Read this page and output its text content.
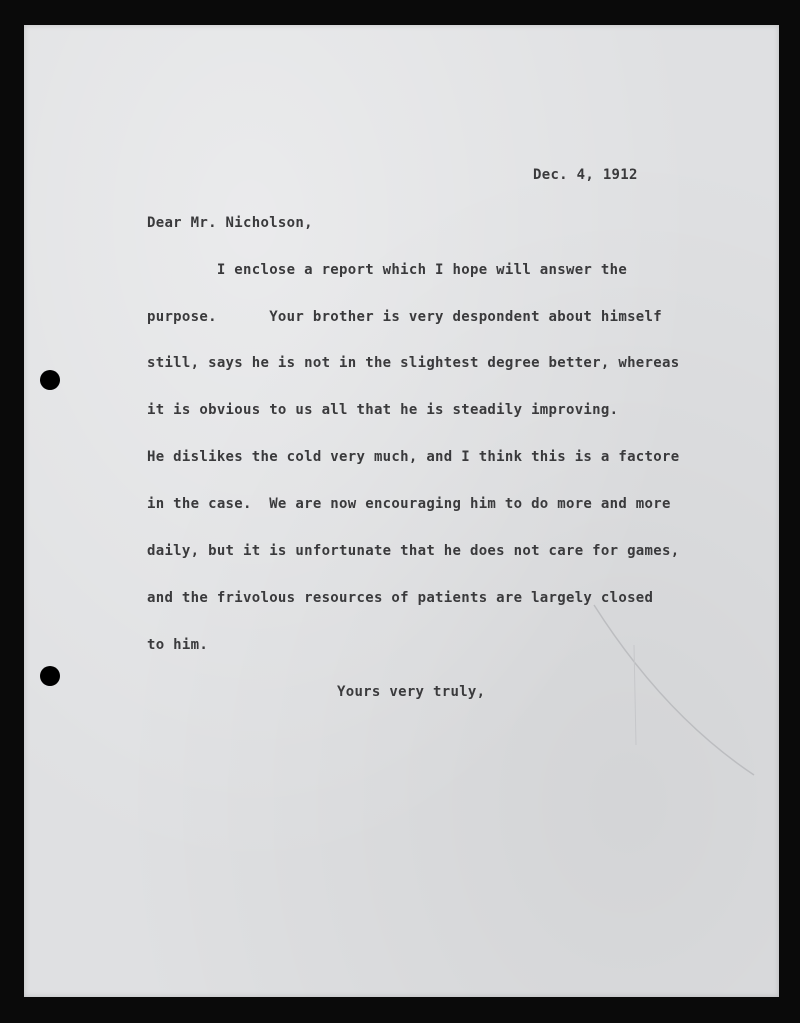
Dec. 4, 1912
Dear Mr. Nicholson,
I enclose a report which I hope will answer the
purpose.      Your brother is very despondent about himself
still, says he is not in the slightest degree better, whereas
it is obvious to us all that he is steadily improving.
He dislikes the cold very much, and I think this is a factore
in the case.  We are now encouraging him to do more and more
daily, but it is unfortunate that he does not care for games,
and the frivolous resources of patients are largely closed
to him.
Yours very truly,
